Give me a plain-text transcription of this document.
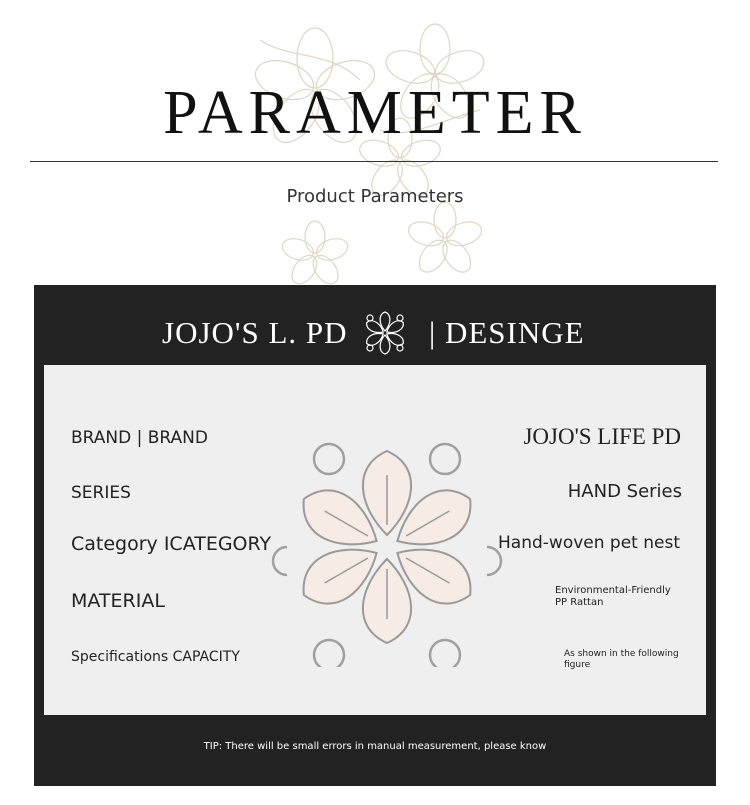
PARAMETER
Product Parameters
JOJO'S L. PD	| DESINGE
BRAND | BRAND
SERIES
Category ICATEGORY
MATERIAL
Specifications CAPACITY
JOJO'S LIFE PD
HAND Series
Hand-woven pet nest
Environmental-Friendly PP Rattan
As shown in the following figure
TIP: There will be small errors in manual measurement, please know
